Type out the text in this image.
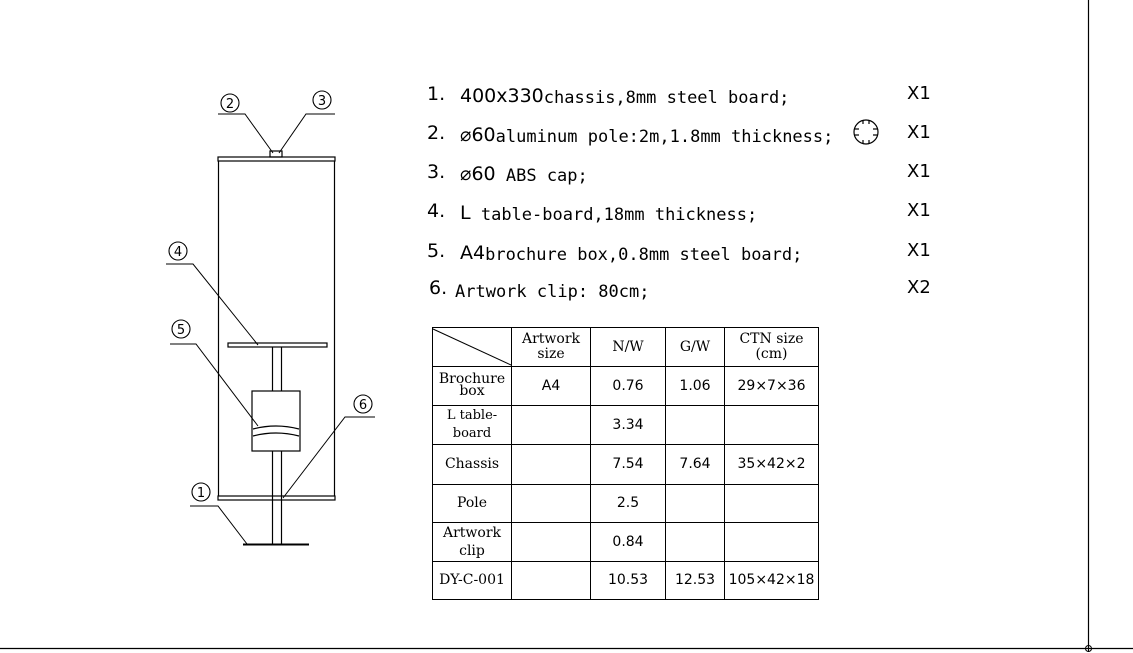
1
2	3
4
5
6
1. 400x330chassis,8mm steel board;	X1
2. ⌀60aluminum pole:2m,1.8mm thickness;	X1
3. ⌀60 ABS cap;	X1
4. L table-board,18mm thickness;	X1
5. A4brochure box,0.8mm steel board;	X1
6. Artwork clip: 80cm;	X2
	Artwork size	N/W	G/W	CTN size (cm)
Brochure box	A4	0.76	1.06	29×7×36
L table-board		3.34		
Chassis		7.54	7.64	35×42×2
Pole		2.5		
Artwork clip		0.84		
DY-C-001		10.53	12.53	105×42×18
